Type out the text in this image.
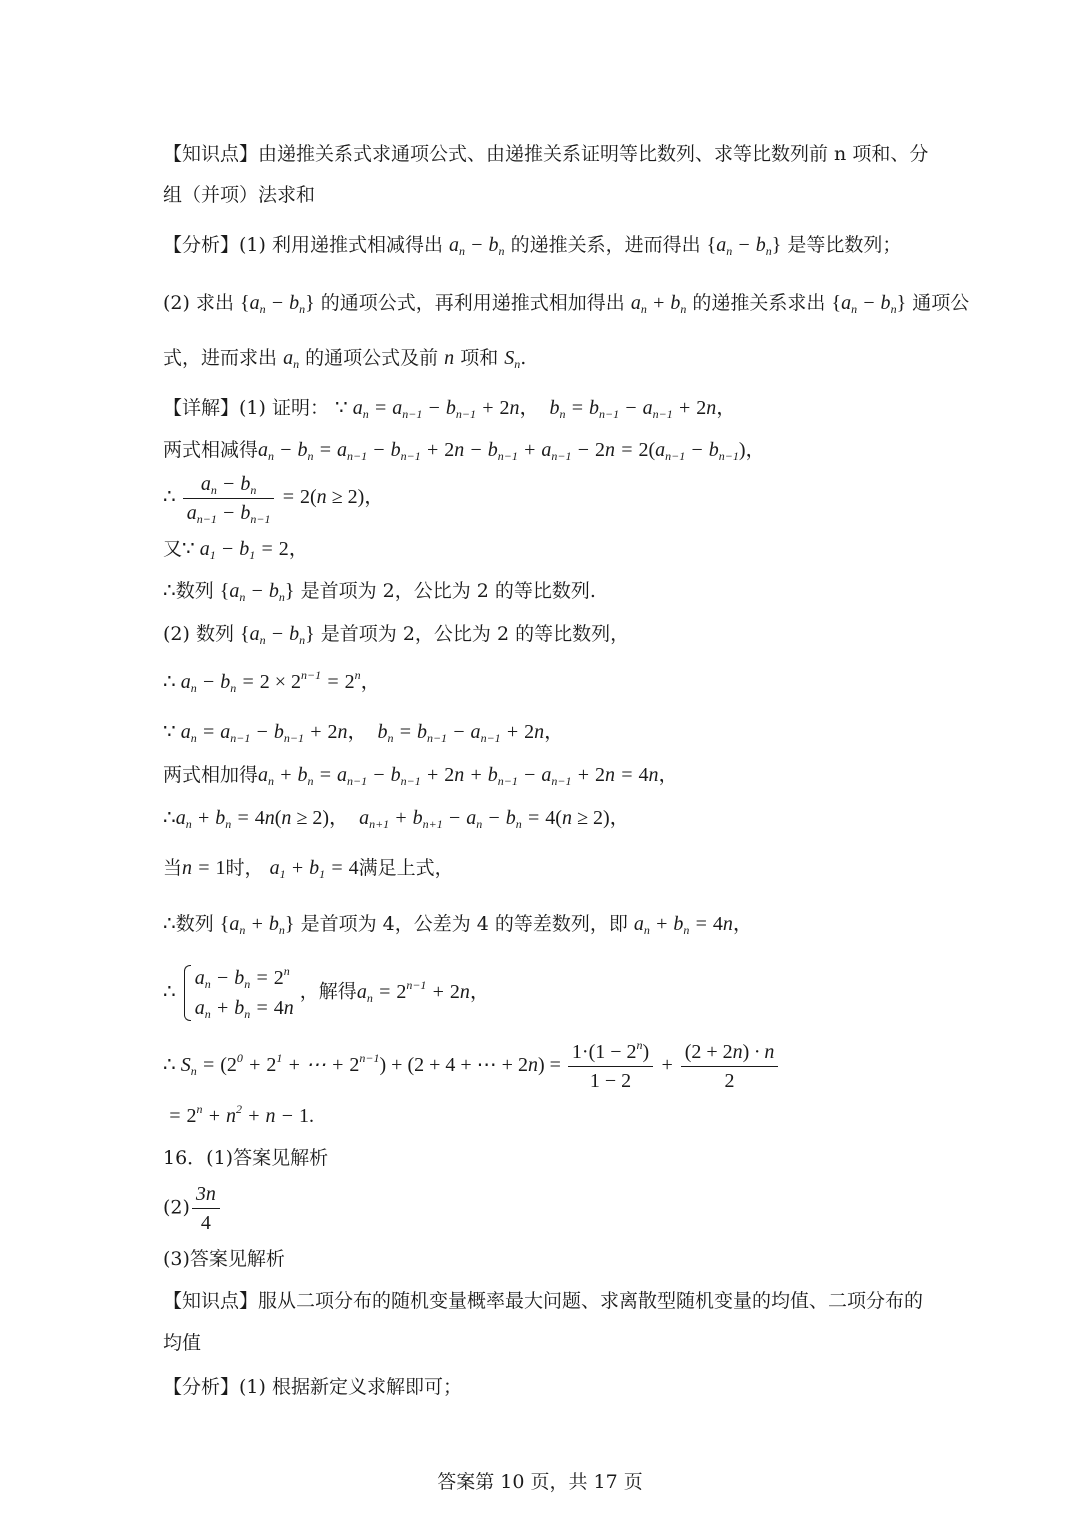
【知识点】由递推关系式求通项公式、由递推关系证明等比数列、求等比数列前 n 项和、分
组（并项）法求和
【分析】(1) 利用递推式相减得出 $a_n - b_n$ 的递推关系，进而得出 $\{a_n - b_n\}$ 是等比数列；
(2) 求出 $\{a_n - b_n\}$ 的通项公式，再利用递推式相加得出 $a_n + b_n$ 的递推关系求出 $\{a_n - b_n\}$ 通项公
式，进而求出 $a_n$ 的通项公式及前 n 项和 $S_n$.
【详解】(1) 证明： ∵ $a_n = a_{n-1} - b_{n-1} + 2n$，  $b_n = b_{n-1} - a_{n-1} + 2n$，
两式相减得$a_n - b_n = a_{n-1} - b_{n-1} + 2n - b_{n-1} + a_{n-1} - 2n = 2(a_{n-1} - b_{n-1})$，
∴ $\frac{a_n - b_n}{a_{n-1} - b_{n-1}} = 2(n \ge 2)$，
又∵ $a_1 - b_1 = 2$，
∴数列 $\{a_n - b_n\}$ 是首项为 2，公比为 2 的等比数列.
(2) 数列 $\{a_n - b_n\}$ 是首项为 2，公比为 2 的等比数列，
∴ $a_n - b_n = 2 \times 2^{n-1} = 2^n$，
∵ $a_n = a_{n-1} - b_{n-1} + 2n$，  $b_n = b_{n-1} - a_{n-1} + 2n$，
两式相加得$a_n + b_n = a_{n-1} - b_{n-1} + 2n + b_{n-1} - a_{n-1} + 2n = 4n$，
$\therefore a_n + b_n = 4n(n \ge 2)$，  $a_{n+1} + b_{n+1} - a_n - b_n = 4(n \ge 2)$，
当n = 1时， $a_1 + b_1 = 4$满足上式，
∴数列 $\{a_n + b_n\}$ 是首项为 4，公差为 4 的等差数列，即 $a_n + b_n = 4n$，
∴
$a_n - b_n = 2^n$
$a_n + b_n = 4n$
，解得$a_n = 2^{n-1} + 2n$，
∴ $S_n = (2^0 + 2^1$ + ⋯ + $2^{n-1}) + (2 + 4$ + ⋯ + $2n) = \frac{1\cdot(1 - 2^n)}{1 - 2} + \frac{(2 + 2n) \cdot n}{2}$
= $2^n + n^2 + n - 1$.
16．(1)答案见解析
$(2) \frac{3n}{4}$
(3)答案见解析
【知识点】服从二项分布的随机变量概率最大问题、求离散型随机变量的均值、二项分布的
均值
【分析】(1) 根据新定义求解即可；
答案第 10 页，共 17 页
